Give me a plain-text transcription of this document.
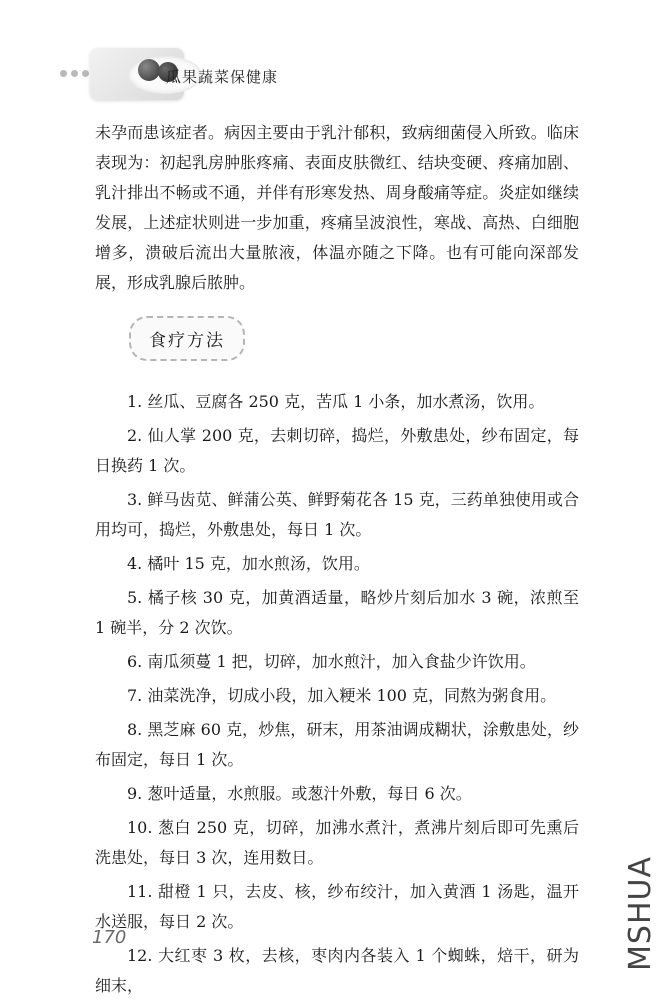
瓜果蔬菜保健康

未孕而患该症者。病因主要由于乳汁郁积，致病细菌侵入所致。临床表现为：初起乳房肿胀疼痛、表面皮肤微红、结块变硬、疼痛加剧、乳汁排出不畅或不通，并伴有形寒发热、周身酸痛等症。炎症如继续发展，上述症状则进一步加重，疼痛呈波浪性，寒战、高热、白细胞增多，溃破后流出大量脓液，体温亦随之下降。也有可能向深部发展，形成乳腺后脓肿。

食疗方法
1. 丝瓜、豆腐各 250 克，苦瓜 1 小条，加水煮汤，饮用。
2. 仙人掌 200 克，去刺切碎，捣烂，外敷患处，纱布固定，每日换药 1 次。
3. 鲜马齿苋、鲜蒲公英、鲜野菊花各 15 克，三药单独使用或合用均可，捣烂，外敷患处，每日 1 次。
4. 橘叶 15 克，加水煎汤，饮用。
5. 橘子核 30 克，加黄酒适量，略炒片刻后加水 3 碗，浓煎至 1 碗半，分 2 次饮。
6. 南瓜须蔓 1 把，切碎，加水煎汁，加入食盐少许饮用。
7. 油菜洗净，切成小段，加入粳米 100 克，同熬为粥食用。
8. 黑芝麻 60 克，炒焦，研末，用茶油调成糊状，涂敷患处，纱布固定，每日 1 次。
9. 葱叶适量，水煎服。或葱汁外敷，每日 6 次。
10. 葱白 250 克，切碎，加沸水煮汁，煮沸片刻后即可先熏后洗患处，每日 3 次，连用数日。
11. 甜橙 1 只，去皮、核，纱布绞汁，加入黄酒 1 汤匙，温开水送服，每日 2 次。
12. 大红枣 3 枚，去核，枣肉内各装入 1 个蜘蛛，焙干，研为细末，
170	MSHUA
